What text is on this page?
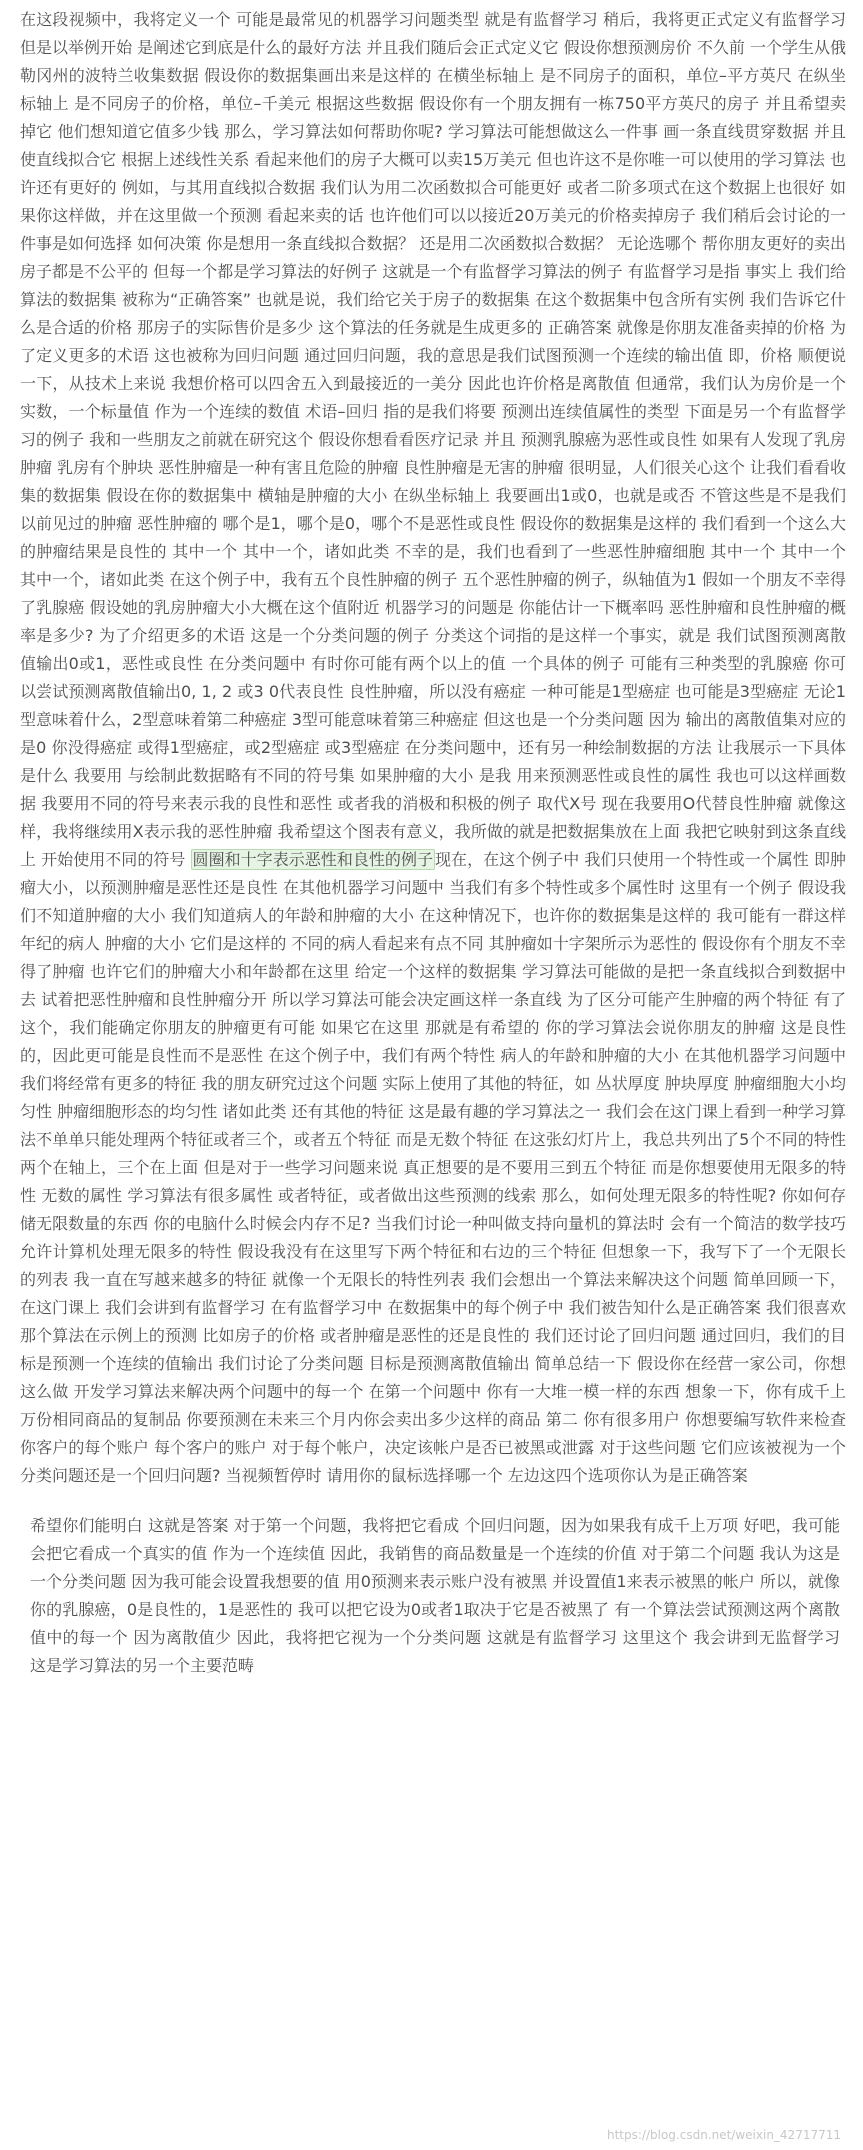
在这段视频中，我将定义一个 可能是最常见的机器学习问题类型 就是有监督学习 稍后，我将更正式定义有监督学习 但是以举例开始 是阐述它到底是什么的最好方法 并且我们随后会正式定义它 假设你想预测房价 不久前 一个学生从俄勒冈州的波特兰收集数据 假设你的数据集画出来是这样的 在横坐标轴上 是不同房子的面积，单位–平方英尺 在纵坐标轴上 是不同房子的价格，单位–千美元 根据这些数据 假设你有一个朋友拥有一栋750平方英尺的房子 并且希望卖掉它 他们想知道它值多少钱 那么，学习算法如何帮助你呢? 学习算法可能想做这么一件事 画一条直线贯穿数据 并且使直线拟合它 根据上述线性关系 看起来他们的房子大概可以卖15万美元 但也许这不是你唯一可以使用的学习算法 也许还有更好的 例如，与其用直线拟合数据 我们认为用二次函数拟合可能更好 或者二阶多项式在这个数据上也很好 如果你这样做，并在这里做一个预测 看起来卖的话 也许他们可以以接近20万美元的价格卖掉房子 我们稍后会讨论的一件事是如何选择 如何决策 你是想用一条直线拟合数据？ 还是用二次函数拟合数据？ 无论选哪个 帮你朋友更好的卖出房子都是不公平的 但每一个都是学习算法的好例子 这就是一个有监督学习算法的例子 有监督学习是指 事实上 我们给算法的数据集 被称为“正确答案” 也就是说，我们给它关于房子的数据集 在这个数据集中包含所有实例 我们告诉它什么是合适的价格 那房子的实际售价是多少 这个算法的任务就是生成更多的 正确答案 就像是你朋友准备卖掉的价格 为了定义更多的术语 这也被称为回归问题 通过回归问题，我的意思是我们试图预测一个连续的输出值 即，价格 顺便说一下，从技术上来说 我想价格可以四舍五入到最接近的一美分 因此也许价格是离散值 但通常，我们认为房价是一个实数，一个标量值 作为一个连续的数值 术语–回归 指的是我们将要 预测出连续值属性的类型 下面是另一个有监督学习的例子 我和一些朋友之前就在研究这个 假设你想看看医疗记录 并且 预测乳腺癌为恶性或良性 如果有人发现了乳房肿瘤 乳房有个肿块 恶性肿瘤是一种有害且危险的肿瘤 良性肿瘤是无害的肿瘤 很明显，人们很关心这个 让我们看看收集的数据集 假设在你的数据集中 横轴是肿瘤的大小 在纵坐标轴上 我要画出1或0，也就是或否 不管这些是不是我们以前见过的肿瘤 恶性肿瘤的 哪个是1，哪个是0，哪个不是恶性或良性 假设你的数据集是这样的 我们看到一个这么大的肿瘤结果是良性的 其中一个 其中一个，诸如此类 不幸的是，我们也看到了一些恶性肿瘤细胞 其中一个 其中一个 其中一个，诸如此类 在这个例子中，我有五个良性肿瘤的例子 五个恶性肿瘤的例子，纵轴值为1 假如一个朋友不幸得了乳腺癌 假设她的乳房肿瘤大小大概在这个值附近 机器学习的问题是 你能估计一下概率吗 恶性肿瘤和良性肿瘤的概率是多少? 为了介绍更多的术语 这是一个分类问题的例子 分类这个词指的是这样一个事实，就是 我们试图预测离散值输出0或1，恶性或良性 在分类问题中 有时你可能有两个以上的值 一个具体的例子 可能有三种类型的乳腺癌 你可以尝试预测离散值输出0, 1, 2 或3 0代表良性 良性肿瘤，所以没有癌症 一种可能是1型癌症 也可能是3型癌症 无论1型意味着什么，2型意味着第二种癌症 3型可能意味着第三种癌症 但这也是一个分类问题 因为 输出的离散值集对应的是0 你没得癌症 或得1型癌症，或2型癌症 或3型癌症 在分类问题中，还有另一种绘制数据的方法 让我展示一下具体是什么 我要用 与绘制此数据略有不同的符号集 如果肿瘤的大小 是我 用来预测恶性或良性的属性 我也可以这样画数据 我要用不同的符号来表示我的良性和恶性 或者我的消极和积极的例子 取代X号 现在我要用O代替良性肿瘤 就像这样，我将继续用X表示我的恶性肿瘤 我希望这个图表有意义，我所做的就是把数据集放在上面 我把它映射到这条直线上 开始使用不同的符号 圆圈和十字表示恶性和良性的例子 现在，在这个例子中 我们只使用一个特性或一个属性 即肿瘤大小，以预测肿瘤是恶性还是良性 在其他机器学习问题中 当我们有多个特性或多个属性时 这里有一个例子 假设我们不知道肿瘤的大小 我们知道病人的年龄和肿瘤的大小 在这种情况下，也许你的数据集是这样的 我可能有一群这样年纪的病人 肿瘤的大小 它们是这样的 不同的病人看起来有点不同 其肿瘤如十字架所示为恶性的 假设你有个朋友不幸得了肿瘤 也许它们的肿瘤大小和年龄都在这里 给定一个这样的数据集 学习算法可能做的是把一条直线拟合到数据中去 试着把恶性肿瘤和良性肿瘤分开 所以学习算法可能会决定画这样一条直线 为了区分可能产生肿瘤的两个特征 有了这个，我们能确定你朋友的肿瘤更有可能 如果它在这里 那就是有希望的 你的学习算法会说你朋友的肿瘤 这是良性的，因此更可能是良性而不是恶性 在这个例子中，我们有两个特性 病人的年龄和肿瘤的大小 在其他机器学习问题中 我们将经常有更多的特征 我的朋友研究过这个问题 实际上使用了其他的特征，如 丛状厚度 肿块厚度 肿瘤细胞大小均匀性 肿瘤细胞形态的均匀性 诸如此类 还有其他的特征 这是最有趣的学习算法之一 我们会在这门课上看到一种学习算法不单单只能处理两个特征或者三个，或者五个特征 而是无数个特征 在这张幻灯片上，我总共列出了5个不同的特性 两个在轴上，三个在上面 但是对于一些学习问题来说 真正想要的是不要用三到五个特征 而是你想要使用无限多的特性 无数的属性 学习算法有很多属性 或者特征，或者做出这些预测的线索 那么，如何处理无限多的特性呢? 你如何存储无限数量的东西 你的电脑什么时候会内存不足? 当我们讨论一种叫做支持向量机的算法时 会有一个简洁的数学技巧 允许计算机处理无限多的特性 假设我没有在这里写下两个特征和右边的三个特征 但想象一下，我写下了一个无限长的列表 我一直在写越来越多的特征 就像一个无限长的特性列表 我们会想出一个算法来解决这个问题 简单回顾一下，在这门课上 我们会讲到有监督学习 在有监督学习中 在数据集中的每个例子中 我们被告知什么是正确答案 我们很喜欢那个算法在示例上的预测 比如房子的价格 或者肿瘤是恶性的还是良性的 我们还讨论了回归问题 通过回归，我们的目标是预测一个连续的值输出 我们讨论了分类问题 目标是预测离散值输出 简单总结一下 假设你在经营一家公司，你想这么做 开发学习算法来解决两个问题中的每一个 在第一个问题中 你有一大堆一模一样的东西 想象一下，你有成千上万份相同商品的复制品 你要预测在未来三个月内你会卖出多少这样的商品 第二 你有很多用户 你想要编写软件来检查你客户的每个账户 每个客户的账户 对于每个帐户，决定该帐户是否已被黑或泄露 对于这些问题 它们应该被视为一个分类问题还是一个回归问题? 当视频暂停时 请用你的鼠标选择哪一个 左边这四个选项你认为是正确答案

希望你们能明白 这就是答案 对于第一个问题，我将把它看成 个回归问题，因为如果我有成千上万项 好吧，我可能会把它看成一个真实的值 作为一个连续值 因此，我销售的商品数量是一个连续的价值 对于第二个问题 我认为这是一个分类问题 因为我可能会设置我想要的值 用0预测来表示账户没有被黑 并设置值1来表示被黑的帐户 所以，就像你的乳腺癌，0是良性的，1是恶性的 我可以把它设为0或者1取决于它是否被黑了 有一个算法尝试预测这两个离散值中的每一个 因为离散值少 因此，我将把它视为一个分类问题 这就是有监督学习 这里这个 我会讲到无监督学习 这是学习算法的另一个主要范畴

https://blog.csdn.net/weixin_42717711
